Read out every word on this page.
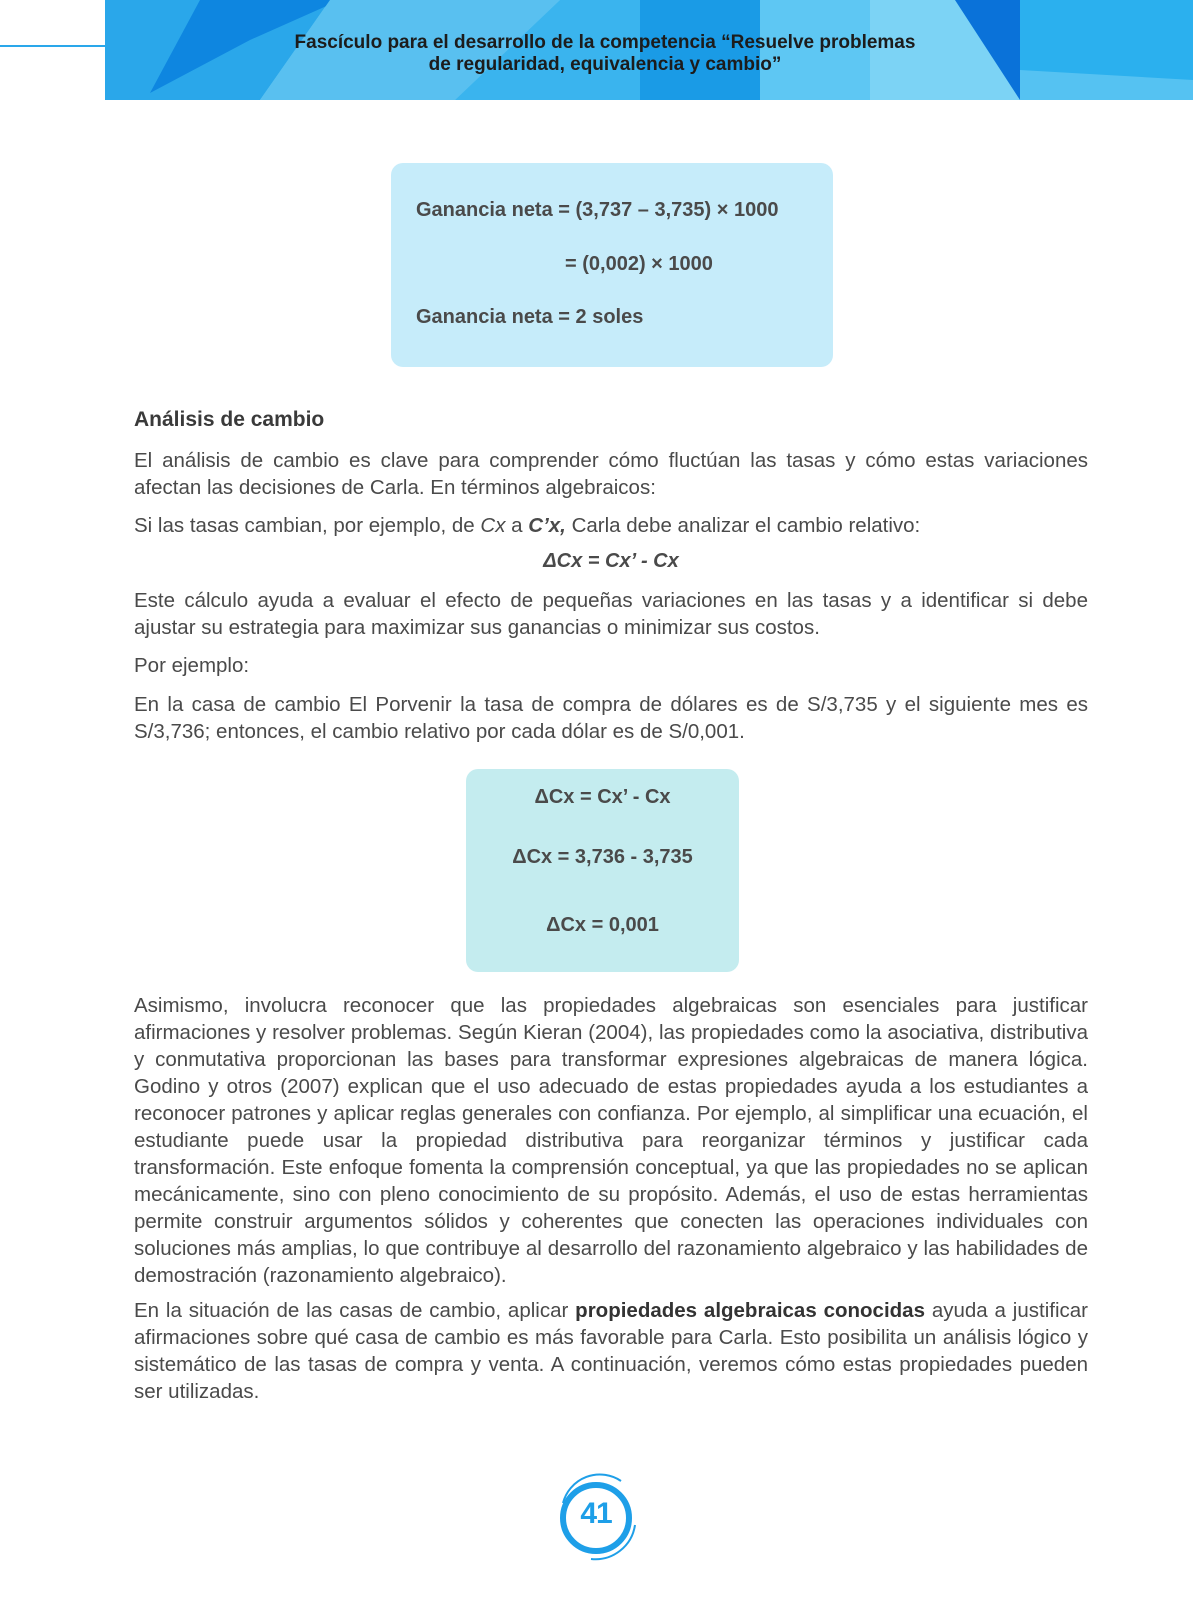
Fascículo para el desarrollo de la competencia “Resuelve problemas
de regularidad, equivalencia y cambio”
Ganancia neta = (3,737 – 3,735) × 1000
= (0,002) × 1000
Ganancia neta = 2 soles
Análisis de cambio

El análisis de cambio es clave para comprender cómo fluctúan las tasas y cómo estas variaciones afectan las decisiones de Carla. En términos algebraicos:

Si las tasas cambian, por ejemplo, de Cx a C’x, Carla debe analizar el cambio relativo:

ΔCx = Cx’ - Cx

Este cálculo ayuda a evaluar el efecto de pequeñas variaciones en las tasas y a identificar si debe ajustar su estrategia para maximizar sus ganancias o minimizar sus costos.

Por ejemplo:

En la casa de cambio El Porvenir la tasa de compra de dólares es de S/3,735 y el siguiente mes es S/3,736; entonces, el cambio relativo por cada dólar es de S/0,001.

ΔCx = Cx’ - Cx
ΔCx = 3,736 - 3,735
ΔCx = 0,001

Asimismo, involucra reconocer que las propiedades algebraicas son esenciales para justificar afirmaciones y resolver problemas. Según Kieran (2004), las propiedades como la asociativa, distributiva y conmutativa proporcionan las bases para transformar expresiones algebraicas de manera lógica. Godino y otros (2007) explican que el uso adecuado de estas propiedades ayuda a los estudiantes a reconocer patrones y aplicar reglas generales con confianza. Por ejemplo, al simplificar una ecuación, el estudiante puede usar la propiedad distributiva para reorganizar términos y justificar cada transformación. Este enfoque fomenta la comprensión conceptual, ya que las propiedades no se aplican mecánicamente, sino con pleno conocimiento de su propósito. Además, el uso de estas herramientas permite construir argumentos sólidos y coherentes que conecten las operaciones individuales con soluciones más amplias, lo que contribuye al desarrollo del razonamiento algebraico y las habilidades de demostración (razonamiento algebraico).

En la situación de las casas de cambio, aplicar propiedades algebraicas conocidas ayuda a justificar afirmaciones sobre qué casa de cambio es más favorable para Carla. Esto posibilita un análisis lógico y sistemático de las tasas de compra y venta. A continuación, veremos cómo estas propiedades pueden ser utilizadas.

41
